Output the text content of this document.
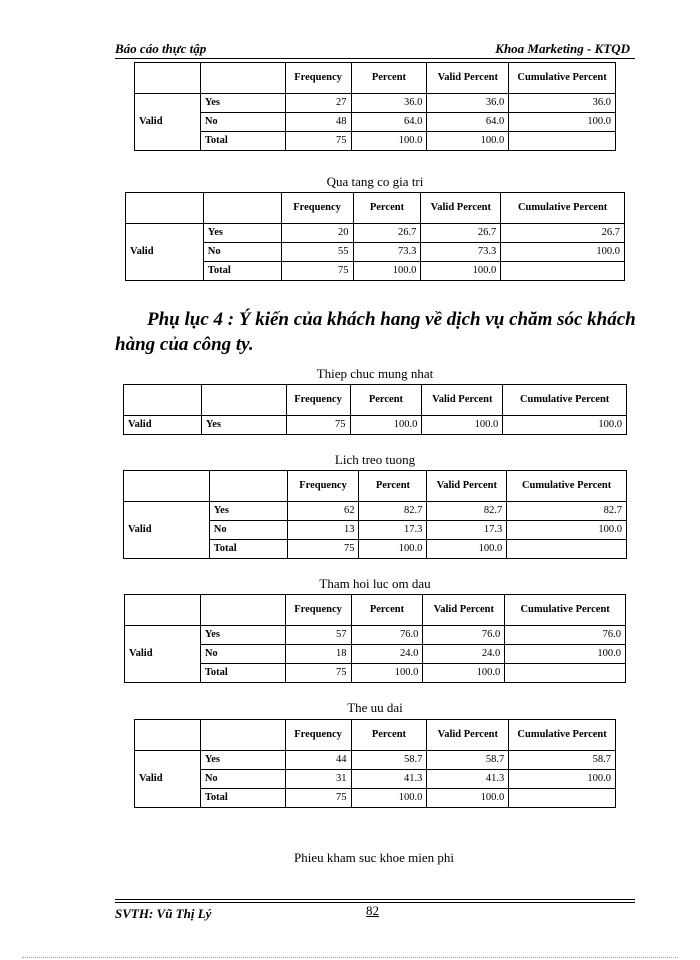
Báo cáo thực tập	Khoa Marketing - KTQD
		Frequency	Percent	Valid Percent	Cumulative Percent
Valid	Yes	27	36.0	36.0	36.0
	No	48	64.0	64.0	100.0
	Total	75	100.0	100.0	
Qua tang co gia tri
		Frequency	Percent	Valid Percent	Cumulative Percent
Valid	Yes	20	26.7	26.7	26.7
	No	55	73.3	73.3	100.0
	Total	75	100.0	100.0	
Phụ lục 4 : Ý kiến của khách hang về dịch vụ chăm sóc khách
hàng của công ty.
Thiep chuc mung nhat
		Frequency	Percent	Valid Percent	Cumulative Percent
Valid	Yes	75	100.0	100.0	100.0
Lich treo tuong
		Frequency	Percent	Valid Percent	Cumulative Percent
Valid	Yes	62	82.7	82.7	82.7
	No	13	17.3	17.3	100.0
	Total	75	100.0	100.0	
Tham hoi luc om dau
		Frequency	Percent	Valid Percent	Cumulative Percent
Valid	Yes	57	76.0	76.0	76.0
	No	18	24.0	24.0	100.0
	Total	75	100.0	100.0	
The uu dai
		Frequency	Percent	Valid Percent	Cumulative Percent
Valid	Yes	44	58.7	58.7	58.7
	No	31	41.3	41.3	100.0
	Total	75	100.0	100.0	
Phieu kham suc khoe mien phi
SVTH: Vũ Thị Lý	82
